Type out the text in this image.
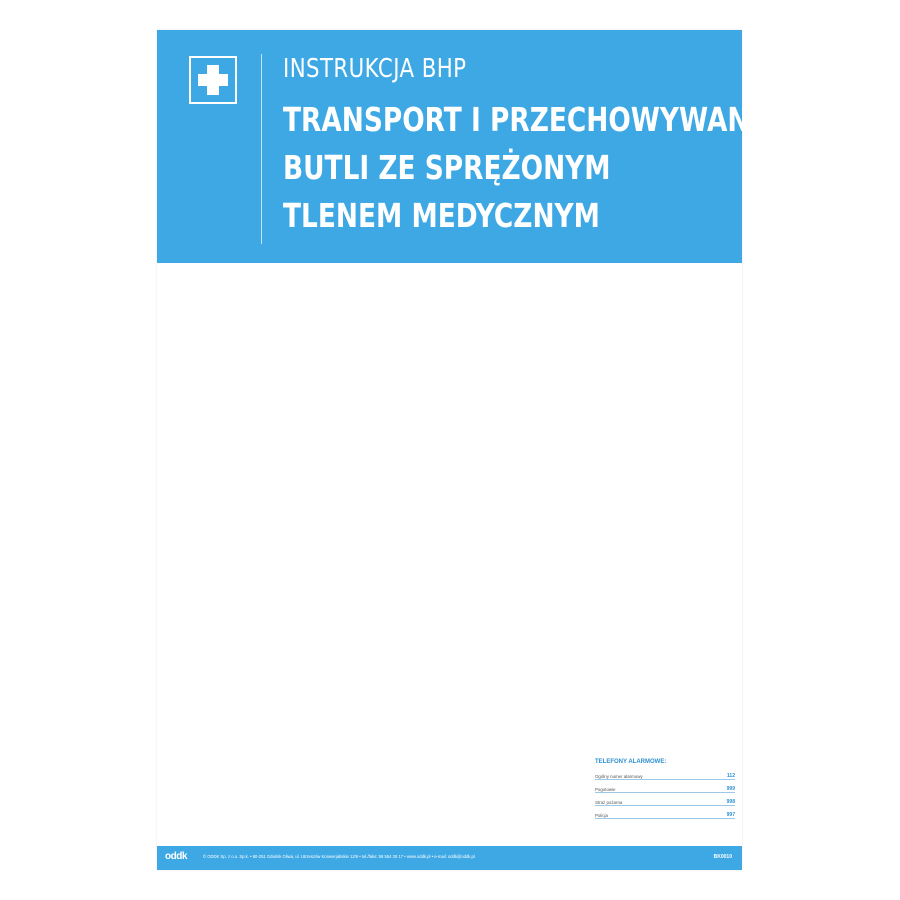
INSTRUKCJA BHP
TRANSPORT I PRZECHOWYWANIE
BUTLI ZE SPRĘŻONYM
TLENEM MEDYCZNYM
TELEFONY ALARMOWE:
Ogólny numer alarmowy	112
Pogotowie	999
Straż pożarna	998
Policja	997
oddk	© ODDK Sp. z o.o. Sp.k. • 80-251 Gdańsk Oliwa, ul. Utrzeszów Konwerjabskie 12/6 • tel./faks: 58 554 28 17 • www.oddk.pl • e-mail: oddk@oddk.pl	BK0010
